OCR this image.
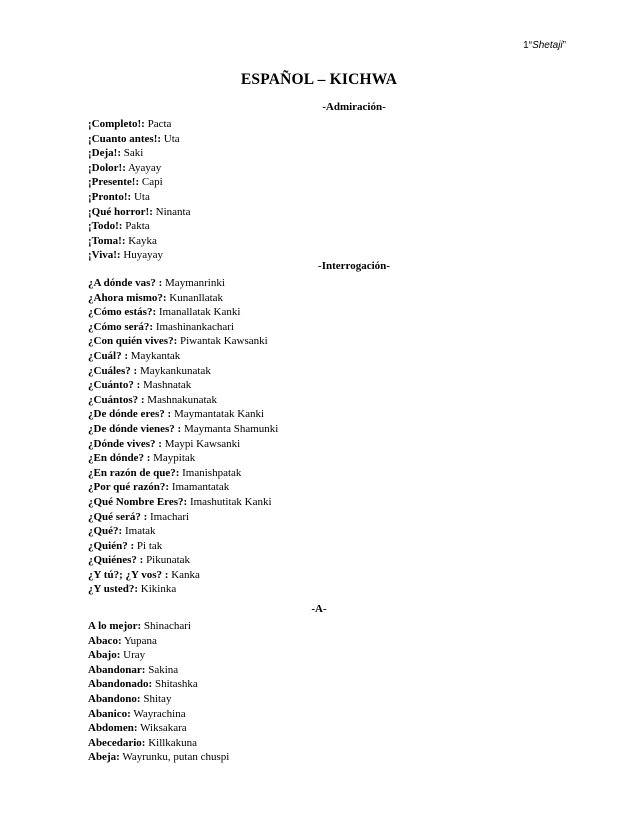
1“Shetaji”
ESPAÑOL – KICHWA
-Admiración-
¡Completo!: Pacta
¡Cuanto antes!: Uta
¡Deja!: Saki
¡Dolor!: Ayayay
¡Presente!: Capi
¡Pronto!: Uta
¡Qué horror!: Ninanta
¡Todo!: Pakta
¡Toma!: Kayka
¡Viva!: Huyayay
-Interrogación-
¿A dónde vas? : Maymanrinki
¿Ahora mismo?: Kunanllatak
¿Cómo estás?: Imanallatak Kanki
¿Cómo será?: Imashinankachari
¿Con quién vives?: Piwantak Kawsanki
¿Cuál? : Maykantak
¿Cuáles? : Maykankunatak
¿Cuánto? : Mashnatak
¿Cuántos? : Mashnakunatak
¿De dónde eres? : Maymantatak Kanki
¿De dónde vienes? : Maymanta Shamunki
¿Dónde vives? : Maypi Kawsanki
¿En dónde? : Maypitak
¿En razón de que?: Imanishpatak
¿Por qué razón?: Imamantatak
¿Qué Nombre Eres?: Imashutitak Kanki
¿Qué será? : Imachari
¿Qué?: Imatak
¿Quién? : Pi tak
¿Quiénes? : Pikunatak
¿Y tú?; ¿Y vos? : Kanka
¿Y usted?: Kikinka
-A-
A lo mejor: Shinachari
Abaco: Yupana
Abajo: Uray
Abandonar: Sakina
Abandonado: Shitashka
Abandono: Shitay
Abanico: Wayrachina
Abdomen: Wiksakara
Abecedario: Killkakuna
Abeja: Wayrunku, putan chuspi
